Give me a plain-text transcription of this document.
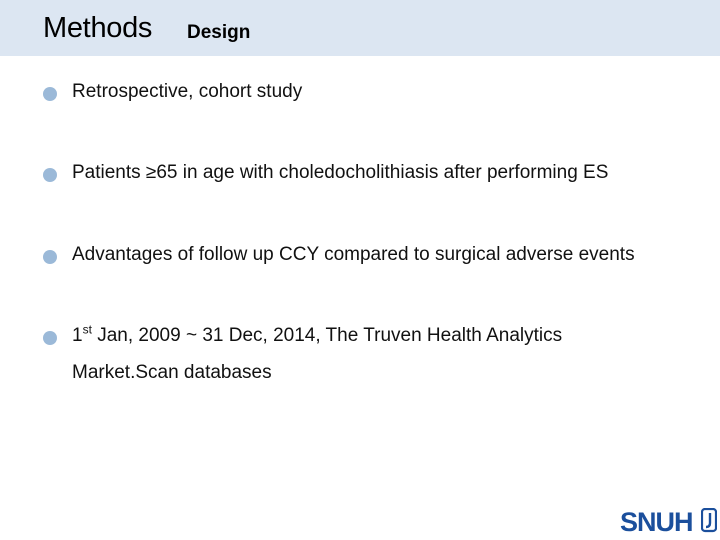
Methods Design
Retrospective, cohort study
Patients ≥65 in age with choledocholithiasis after performing ES
Advantages of follow up CCY compared to surgical adverse events
1st Jan, 2009 ~ 31 Dec, 2014, The Truven Health Analytics
Market.Scan databases
SNUH
